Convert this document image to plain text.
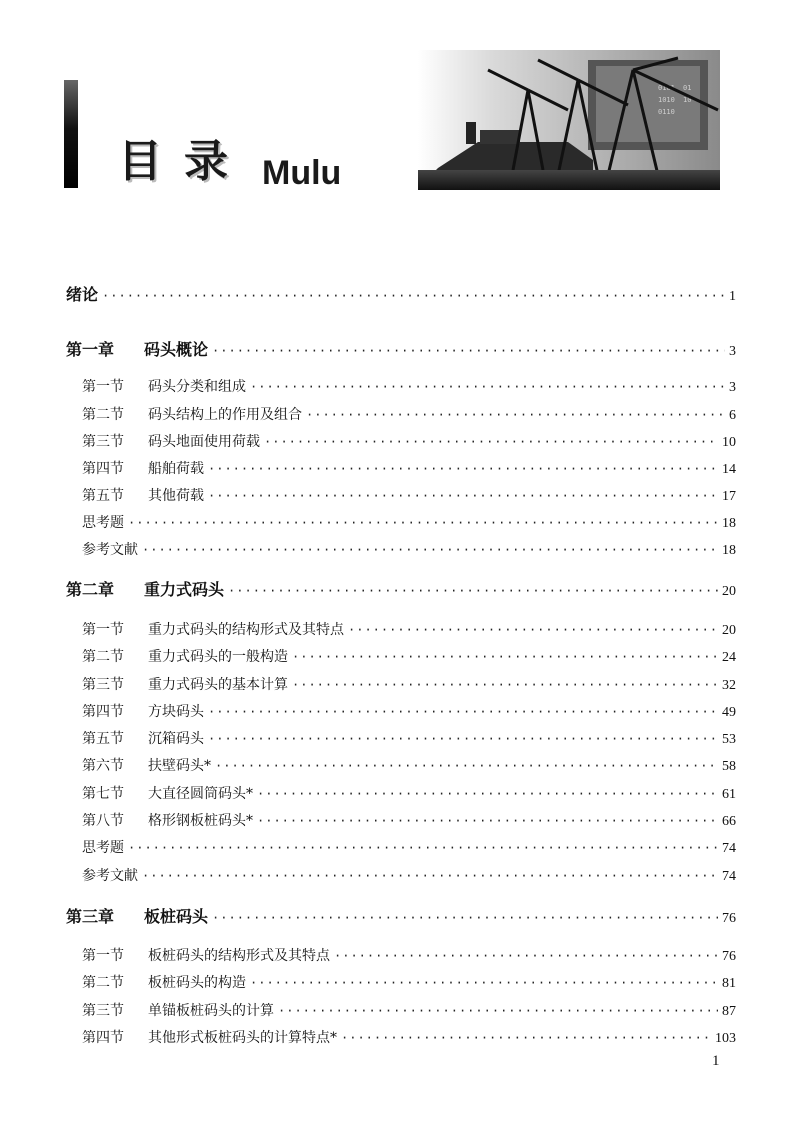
目录 Mulu
0101
1010
0110
01
10
绪论 ·····	1
第一章 码头概论 ·····	3
第一节 码头分类和组成 ·····	3
第二节 码头结构上的作用及组合 ·····	6
第三节 码头地面使用荷载 ·····	10
第四节 船舶荷载 ·····	14
第五节 其他荷载 ·····	17
思考题 ·····	18
参考文献 ·····	18
第二章 重力式码头 ·····	20
第一节 重力式码头的结构形式及其特点 ·····	20
第二节 重力式码头的一般构造 ·····	24
第三节 重力式码头的基本计算 ·····	32
第四节 方块码头 ·····	49
第五节 沉箱码头 ·····	53
第六节 扶壁码头* ·····	58
第七节 大直径圆筒码头* ·····	61
第八节 格形钢板桩码头* ·····	66
思考题 ·····	74
参考文献 ·····	74
第三章 板桩码头 ·····	76
第一节 板桩码头的结构形式及其特点 ·····	76
第二节 板桩码头的构造 ·····	81
第三节 单锚板桩码头的计算 ·····	87
第四节 其他形式板桩码头的计算特点* ·····	103
1
